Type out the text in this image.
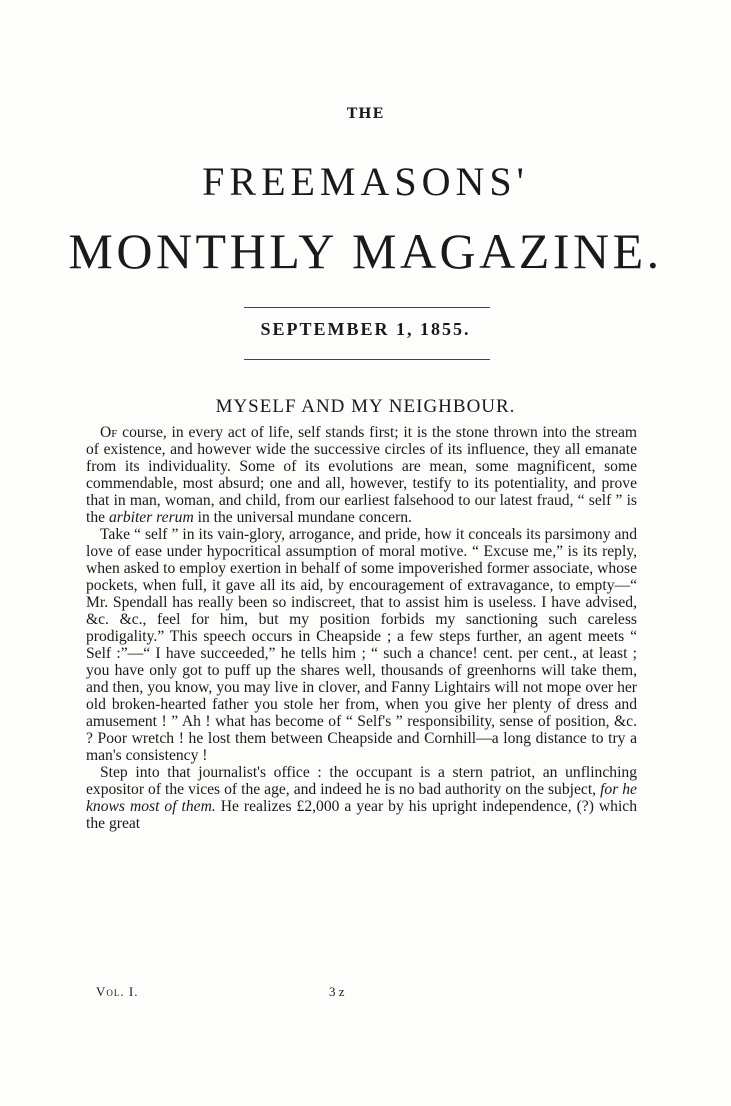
THE
FREEMASONS'
MONTHLY MAGAZINE.
SEPTEMBER 1, 1855.
MYSELF AND MY NEIGHBOUR.

Of course, in every act of life, self stands first; it is the stone thrown into the stream of existence, and however wide the successive circles of its influence, they all emanate from its individuality. Some of its evolutions are mean, some magnificent, some commendable, most absurd; one and all, however, testify to its potentiality, and prove that in man, woman, and child, from our earliest falsehood to our latest fraud, “ self ” is the arbiter rerum in the universal mundane concern.

Take “ self ” in its vain-glory, arrogance, and pride, how it conceals its parsimony and love of ease under hypocritical assumption of moral motive. “ Excuse me,” is its reply, when asked to employ exertion in behalf of some impoverished former associate, whose pockets, when full, it gave all its aid, by encouragement of extravagance, to empty—“ Mr. Spendall has really been so indiscreet, that to assist him is useless. I have advised, &c. &c., feel for him, but my position forbids my sanctioning such careless prodigality.” This speech occurs in Cheapside ; a few steps further, an agent meets “ Self :”—“ I have succeeded,” he tells him ; “ such a chance! cent. per cent., at least ; you have only got to puff up the shares well, thousands of greenhorns will take them, and then, you know, you may live in clover, and Fanny Lightairs will not mope over her old broken-hearted father you stole her from, when you give her plenty of dress and amusement ! ” Ah ! what has become of “ Self's ” responsibility, sense of position, &c. ? Poor wretch ! he lost them between Cheapside and Cornhill—a long distance to try a man's consistency !

Step into that journalist's office : the occupant is a stern patriot, an unflinching expositor of the vices of the age, and indeed he is no bad authority on the subject, for he knows most of them. He realizes £2,000 a year by his upright independence, (?) which the great

Vol. I.	3 z
